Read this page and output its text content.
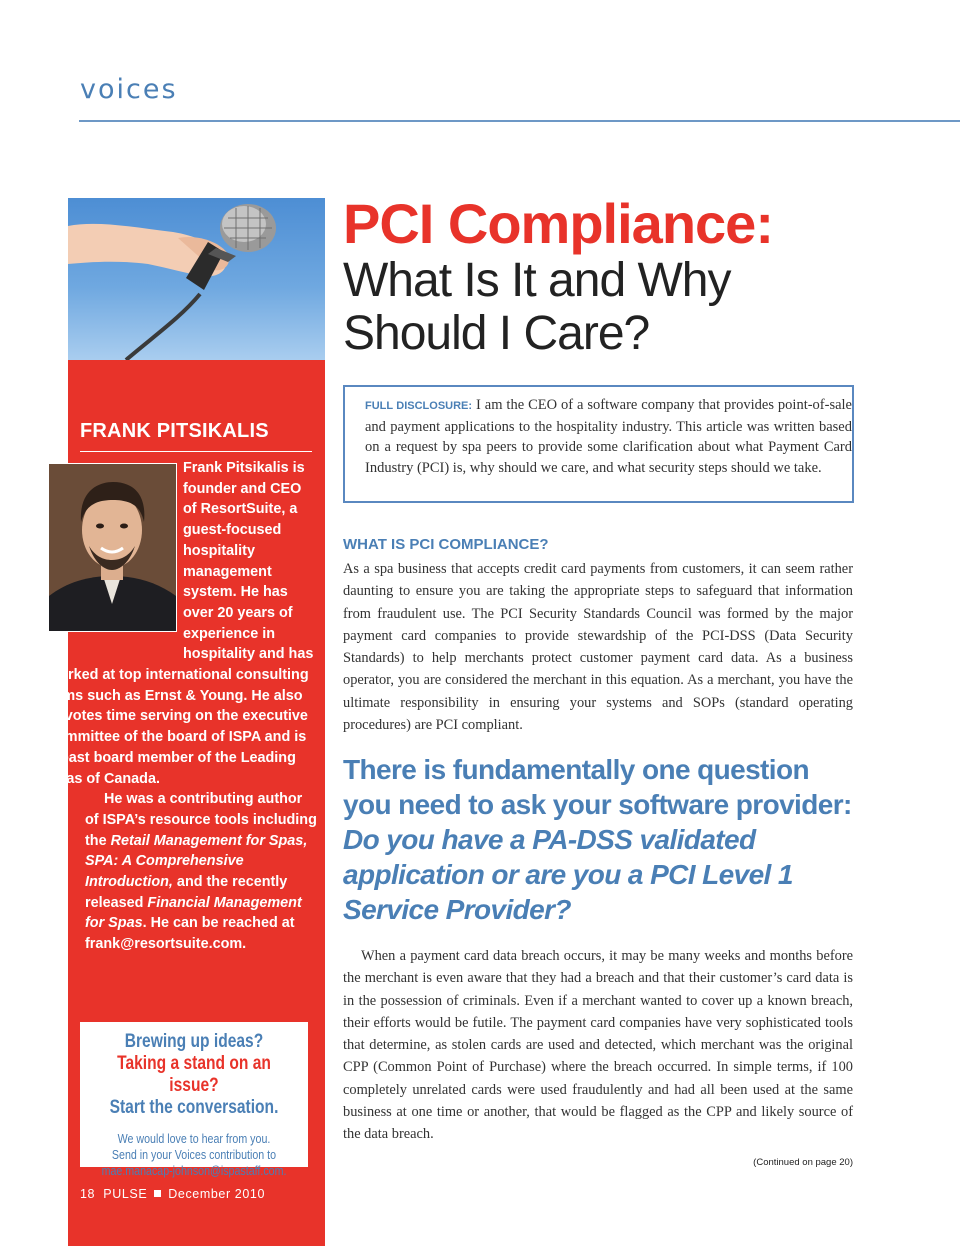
voices
FRANK PITSIKALIS

Frank Pitsikalis is founder and CEO of ResortSuite, a guest-focused hospitality management system. He has over 20 years of experience in hospitality and has worked at top international consulting firms such as Ernst & Young. He also devotes time serving on the executive committee of the board of ISPA and is a past board member of the Leading Spas of Canada.

He was a contributing author of ISPA’s resource tools including the Retail Management for Spas, SPA: A Comprehensive Introduction, and the recently released Financial Management for Spas. He can be reached at frank@resortsuite.com.

Brewing up ideas?
Taking a stand on an issue?
Start the conversation.
We would love to hear from you.
Send in your Voices contribution to
mae.manacap-johnson@ispastaff.com.
18 PULSE December 2010
PCI Compliance:
What Is It and Why
Should I Care?
FULL DISCLOSURE: I am the CEO of a software company that provides point-of-sale and payment applications to the hospitality industry. This article was written based on a request by spa peers to provide some clarification about what Payment Card Industry (PCI) is, why should we care, and what security steps should we take.
WHAT IS PCI COMPLIANCE?

As a spa business that accepts credit card payments from customers, it can seem rather daunting to ensure you are taking the appropriate steps to safeguard that information from fraudulent use. The PCI Security Standards Council was formed by the major payment card companies to provide stewardship of the PCI-DSS (Data Security Standards) to help merchants protect customer payment card data. As a business operator, you are considered the merchant in this equation. As a merchant, you have the ultimate responsibility in ensuring your systems and SOPs (standard operating procedures) are PCI compliant.

There is fundamentally one question you need to ask your software provider: Do you have a PA-DSS validated application or are you a PCI Level 1 Service Provider?

When a payment card data breach occurs, it may be many weeks and months before the merchant is even aware that they had a breach and that their customer’s card data is in the possession of criminals. Even if a merchant wanted to cover up a known breach, their efforts would be futile. The payment card companies have very sophisticated tools that determine, as stolen cards are used and detected, which merchant was the original CPP (Common Point of Purchase) where the breach occurred. In simple terms, if 100 completely unrelated cards were used fraudulently and had all been used at the same business at one time or another, that would be flagged as the CPP and likely source of the data breach.

(Continued on page 20)
